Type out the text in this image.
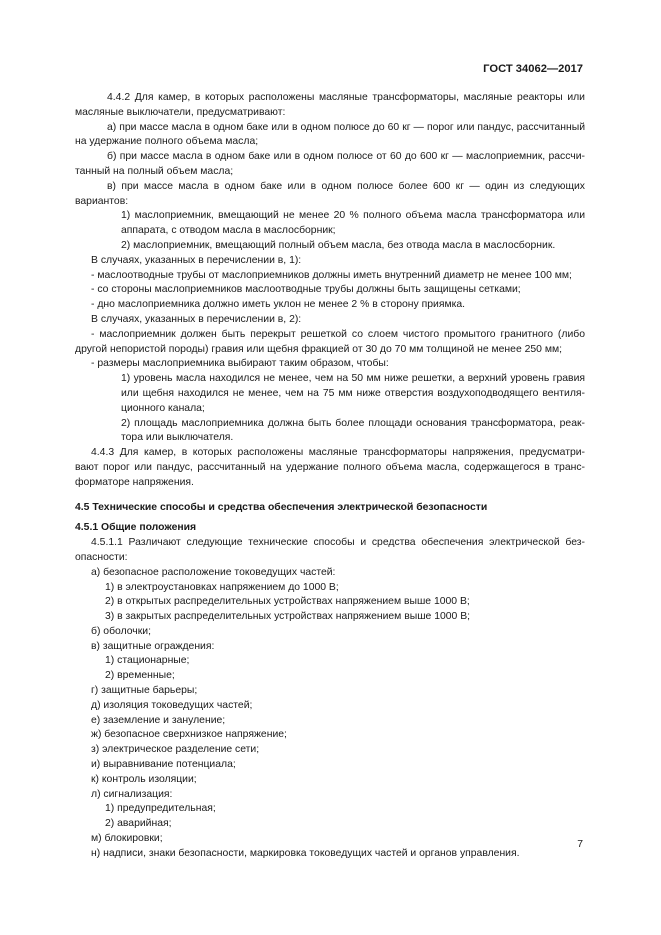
ГОСТ 34062—2017
4.4.2 Для камер, в которых расположены масляные трансформаторы, масляные реакторы или
масляные выключатели, предусматривают:
а) при массе масла в одном баке или в одном полюсе до 60 кг — порог или пандус, рассчитанный
на удержание полного объема масла;
б) при массе масла в одном баке или в одном полюсе от 60 до 600 кг — маслоприемник, рассчи-
танный на полный объем масла;
в) при массе масла в одном баке или в одном полюсе более 600 кг — один из следующих
вариантов:
1) маслоприемник, вмещающий не менее 20 % полного объема масла трансформатора или
аппарата, с отводом масла в маслосборник;
2) маслоприемник, вмещающий полный объем масла, без отвода масла в маслосборник.
В случаях, указанных в перечислении в, 1):
- маслоотводные трубы от маслоприемников должны иметь внутренний диаметр не менее 100 мм;
- со стороны маслоприемников маслоотводные трубы должны быть защищены сетками;
- дно маслоприемника должно иметь уклон не менее 2 % в сторону приямка.
В случаях, указанных в перечислении в, 2):
- маслоприемник должен быть перекрыт решеткой со слоем чистого промытого гранитного (либо
другой непористой породы) гравия или щебня фракцией от 30 до 70 мм толщиной не менее 250 мм;
- размеры маслоприемника выбирают таким образом, чтобы:
1) уровень масла находился не менее, чем на 50 мм ниже решетки, а верхний уровень гравия
или щебня находился не менее, чем на 75 мм ниже отверстия воздухоподводящего вентиля-
ционного канала;
2) площадь маслоприемника должна быть более площади основания трансформатора, реак-
тора или выключателя.
4.4.3 Для камер, в которых расположены масляные трансформаторы напряжения, предусматри-
вают порог или пандус, рассчитанный на удержание полного объема масла, содержащегося в транс-
форматоре напряжения.
4.5 Технические способы и средства обеспечения электрической безопасности
4.5.1 Общие положения
4.5.1.1 Различают следующие технические способы и средства обеспечения электрической без-
опасности:
а) безопасное расположение токоведущих частей:
1) в электроустановках напряжением до 1000 В;
2) в открытых распределительных устройствах напряжением выше 1000 В;
3) в закрытых распределительных устройствах напряжением выше 1000 В;
б) оболочки;
в) защитные ограждения:
1) стационарные;
2) временные;
г) защитные барьеры;
д) изоляция токоведущих частей;
е) заземление и зануление;
ж) безопасное сверхнизкое напряжение;
з) электрическое разделение сети;
и) выравнивание потенциала;
к) контроль изоляции;
л) сигнализация:
1) предупредительная;
2) аварийная;
м) блокировки;
н) надписи, знаки безопасности, маркировка токоведущих частей и органов управления.
7
